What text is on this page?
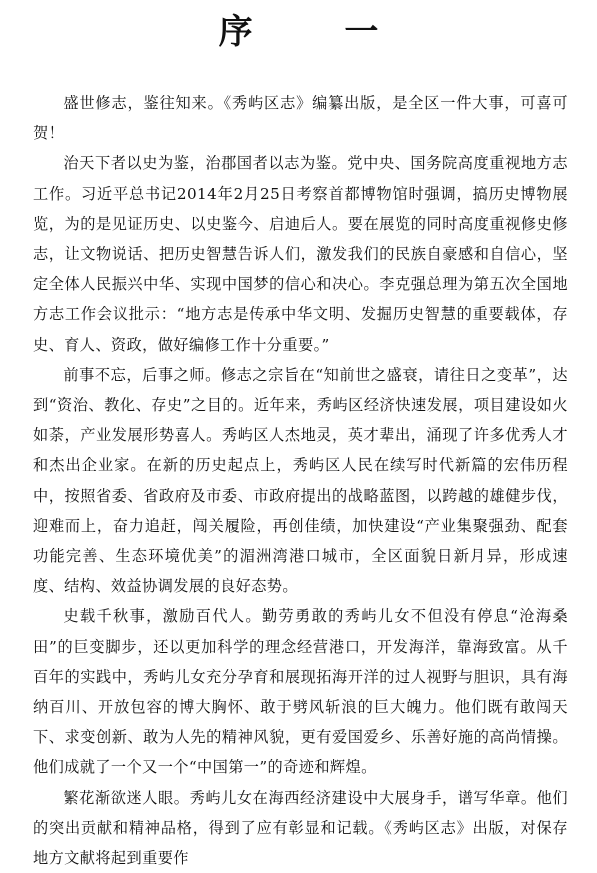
序 一

盛世修志，鉴往知来。《秀屿区志》编纂出版，是全区一件大事，可喜可贺！

治天下者以史为鉴，治郡国者以志为鉴。党中央、国务院高度重视地方志工作。习近平总书记2014年2月25日考察首都博物馆时强调，搞历史博物展览，为的是见证历史、以史鉴今、启迪后人。要在展览的同时高度重视修史修志，让文物说话、把历史智慧告诉人们，激发我们的民族自豪感和自信心，坚定全体人民振兴中华、实现中国梦的信心和决心。李克强总理为第五次全国地方志工作会议批示：“地方志是传承中华文明、发掘历史智慧的重要载体，存史、育人、资政，做好编修工作十分重要。”

前事不忘，后事之师。修志之宗旨在“知前世之盛衰，请往日之变革”，达到“资治、教化、存史”之目的。近年来，秀屿区经济快速发展，项目建设如火如荼，产业发展形势喜人。秀屿区人杰地灵，英才辈出，涌现了许多优秀人才和杰出企业家。在新的历史起点上，秀屿区人民在续写时代新篇的宏伟历程中，按照省委、省政府及市委、市政府提出的战略蓝图，以跨越的雄健步伐，迎难而上，奋力追赶，闯关履险，再创佳绩，加快建设“产业集聚强劲、配套功能完善、生态环境优美”的湄洲湾港口城市，全区面貌日新月异，形成速度、结构、效益协调发展的良好态势。

史载千秋事，激励百代人。勤劳勇敢的秀屿儿女不但没有停息“沧海桑田”的巨变脚步，还以更加科学的理念经营港口，开发海洋，靠海致富。从千百年的实践中，秀屿儿女充分孕育和展现拓海开洋的过人视野与胆识，具有海纳百川、开放包容的博大胸怀、敢于劈风斩浪的巨大魄力。他们既有敢闯天下、求变创新、敢为人先的精神风貌，更有爱国爱乡、乐善好施的高尚情操。他们成就了一个又一个“中国第一”的奇迹和辉煌。

繁花渐欲迷人眼。秀屿儿女在海西经济建设中大展身手，谱写华章。他们的突出贡献和精神品格，得到了应有彰显和记载。《秀屿区志》出版，对保存地方文献将起到重要作
